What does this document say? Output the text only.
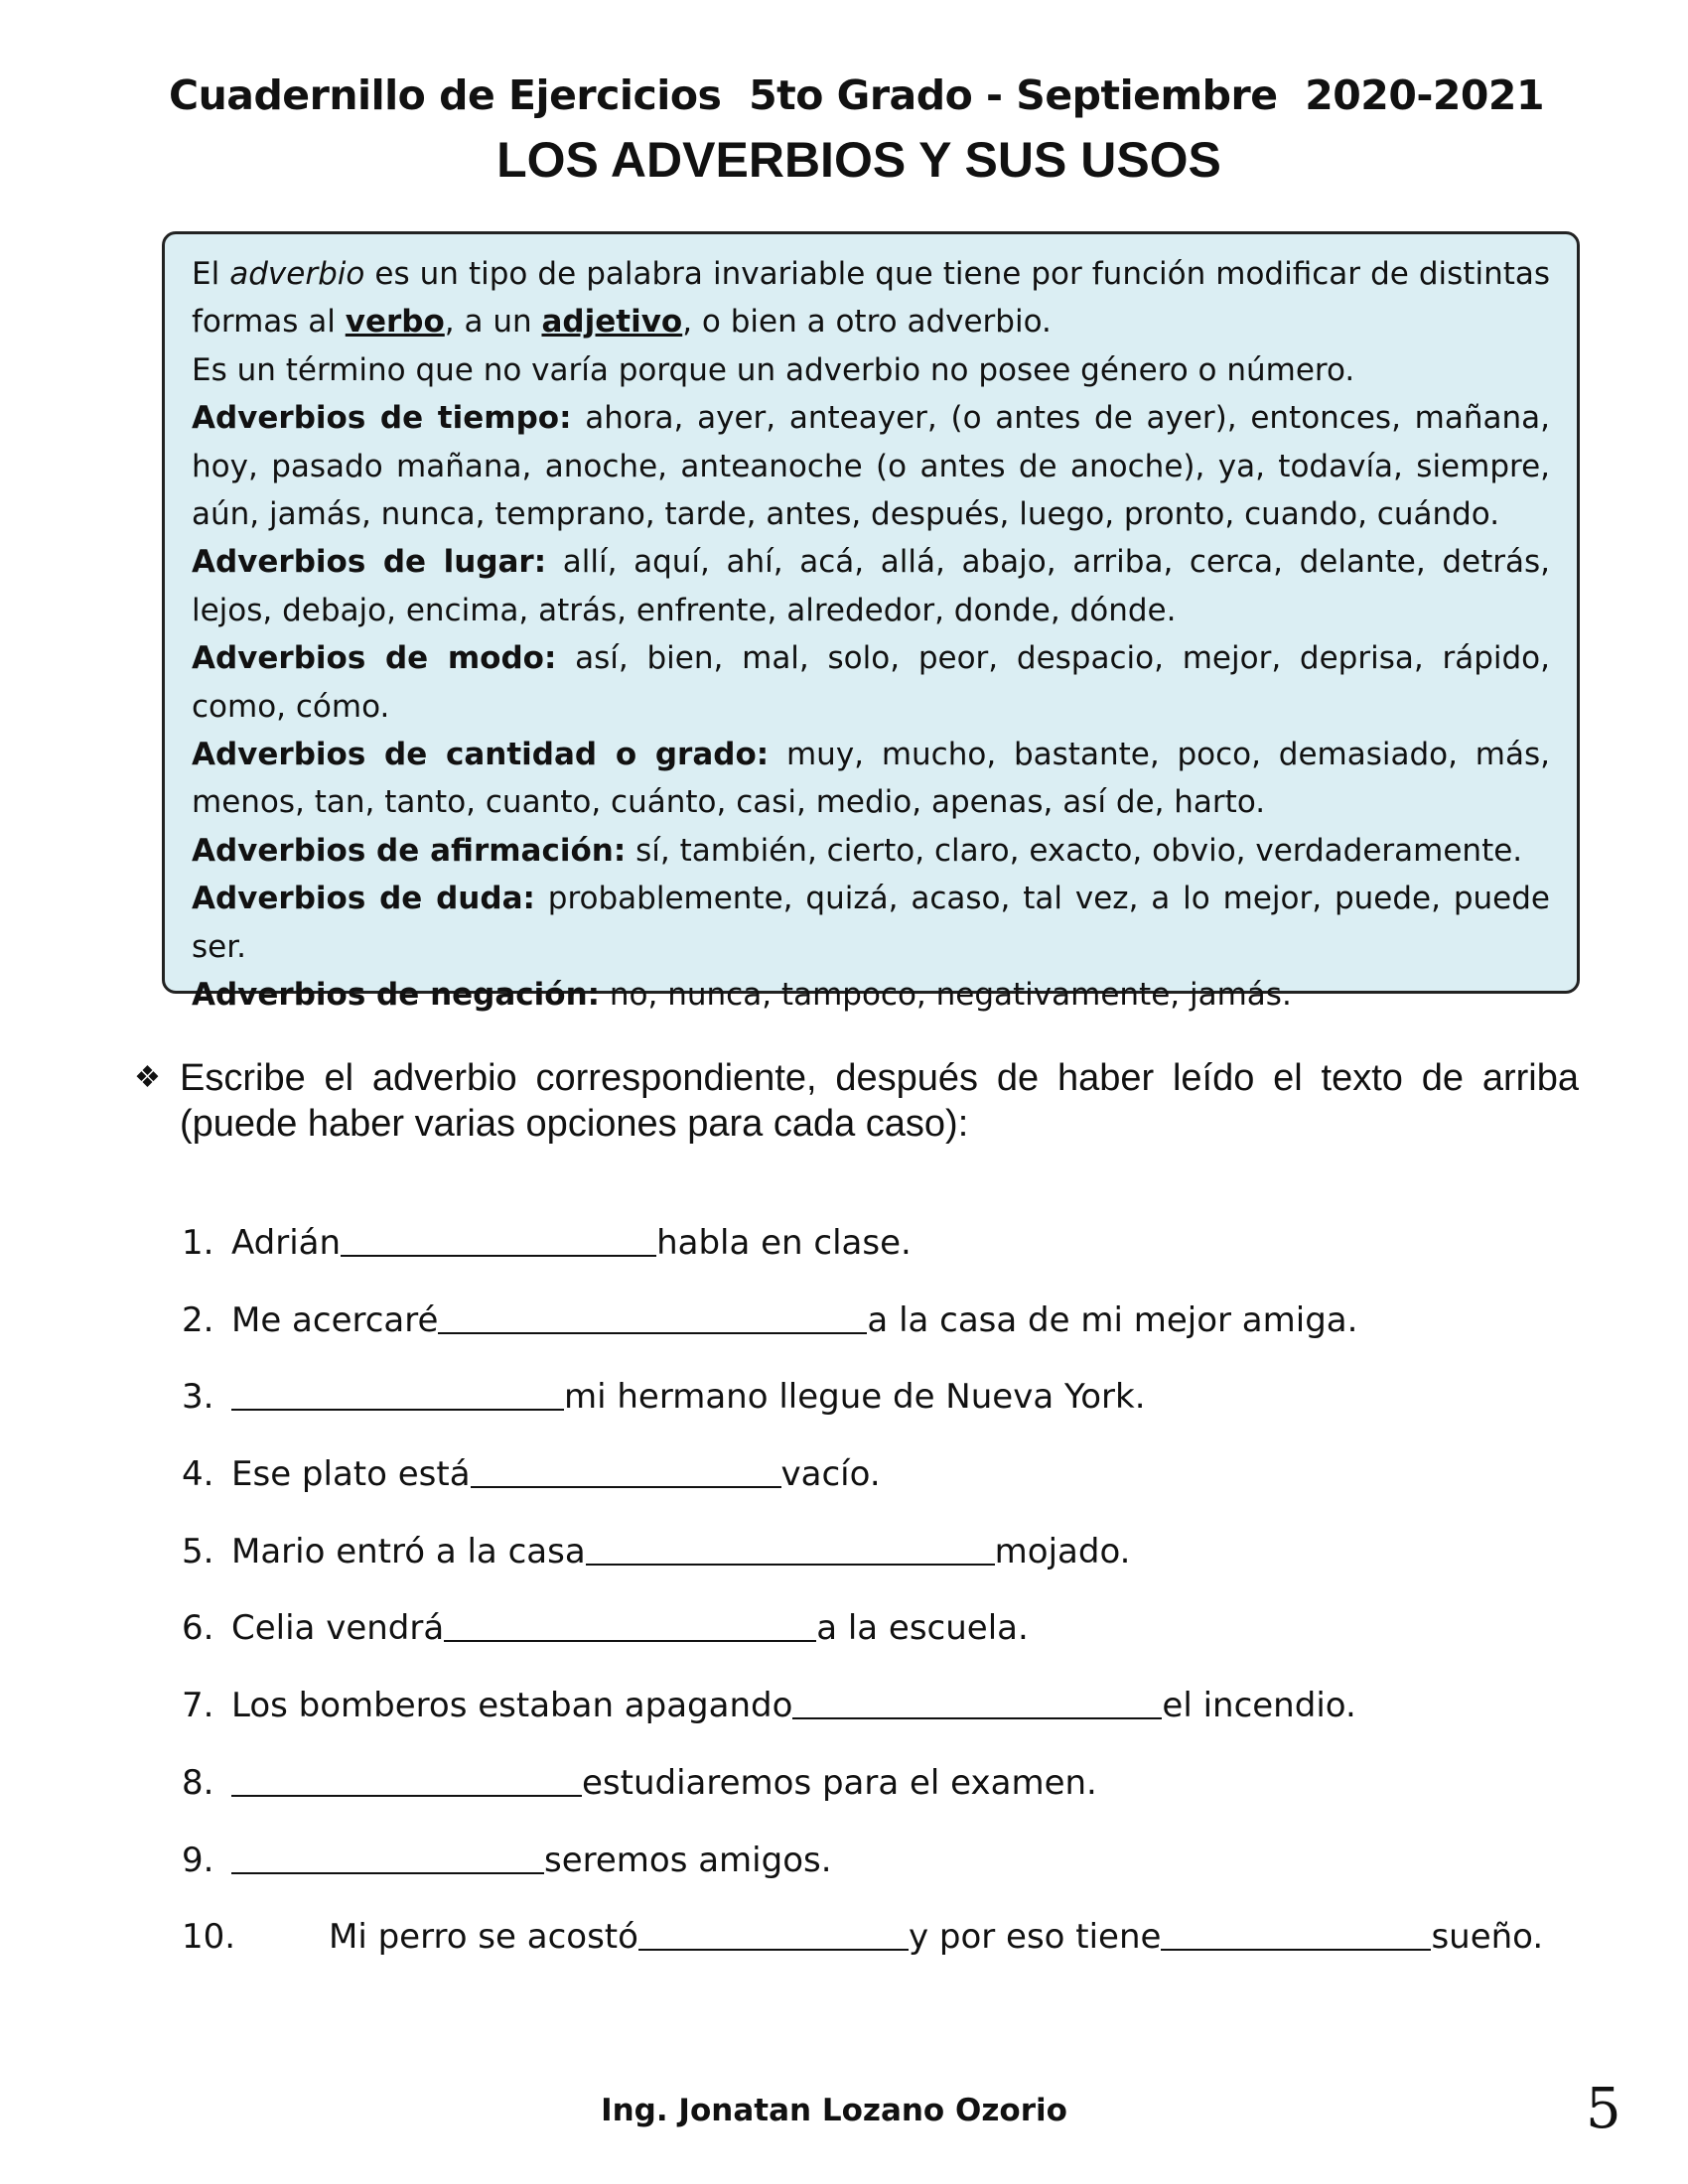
Cuadernillo de Ejercicios 5to Grado - Septiembre 2020-2021
LOS ADVERBIOS Y SUS USOS

El adverbio es un tipo de palabra invariable que tiene por función modificar de distintas formas al verbo, a un adjetivo, o bien a otro adverbio.

Es un término que no varía porque un adverbio no posee género o número.

Adverbios de tiempo: ahora, ayer, anteayer, (o antes de ayer), entonces, mañana, hoy, pasado mañana, anoche, anteanoche (o antes de anoche), ya, todavía, siempre, aún, jamás, nunca, temprano, tarde, antes, después, luego, pronto, cuando, cuándo.

Adverbios de lugar: allí, aquí, ahí, acá, allá, abajo, arriba, cerca, delante, detrás, lejos, debajo, encima, atrás, enfrente, alrededor, donde, dónde.

Adverbios de modo: así, bien, mal, solo, peor, despacio, mejor, deprisa, rápido, como, cómo.

Adverbios de cantidad o grado: muy, mucho, bastante, poco, demasiado, más, menos, tan, tanto, cuanto, cuánto, casi, medio, apenas, así de, harto.

Adverbios de afirmación: sí, también, cierto, claro, exacto, obvio, verdaderamente.

Adverbios de duda: probablemente, quizá, acaso, tal vez, a lo mejor, puede, puede ser.

Adverbios de negación: no, nunca, tampoco, negativamente, jamás.

❖ Escribe el adverbio correspondiente, después de haber leído el texto de arriba (puede haber varias opciones para cada caso):
1. Adrián	habla en clase.
2. Me acercaré	a la casa de mi mejor amiga.
3.	mi hermano llegue de Nueva York.
4. Ese plato está	vacío.
5. Mario entró a la casa	mojado.
6. Celia vendrá	a la escuela.
7. Los bomberos estaban apagando	el incendio.
8.	estudiaremos para el examen.
9.	seremos amigos.
10.	Mi perro se acostó	y por eso tiene	sueño.
Ing. Jonatan Lozano Ozorio	5
